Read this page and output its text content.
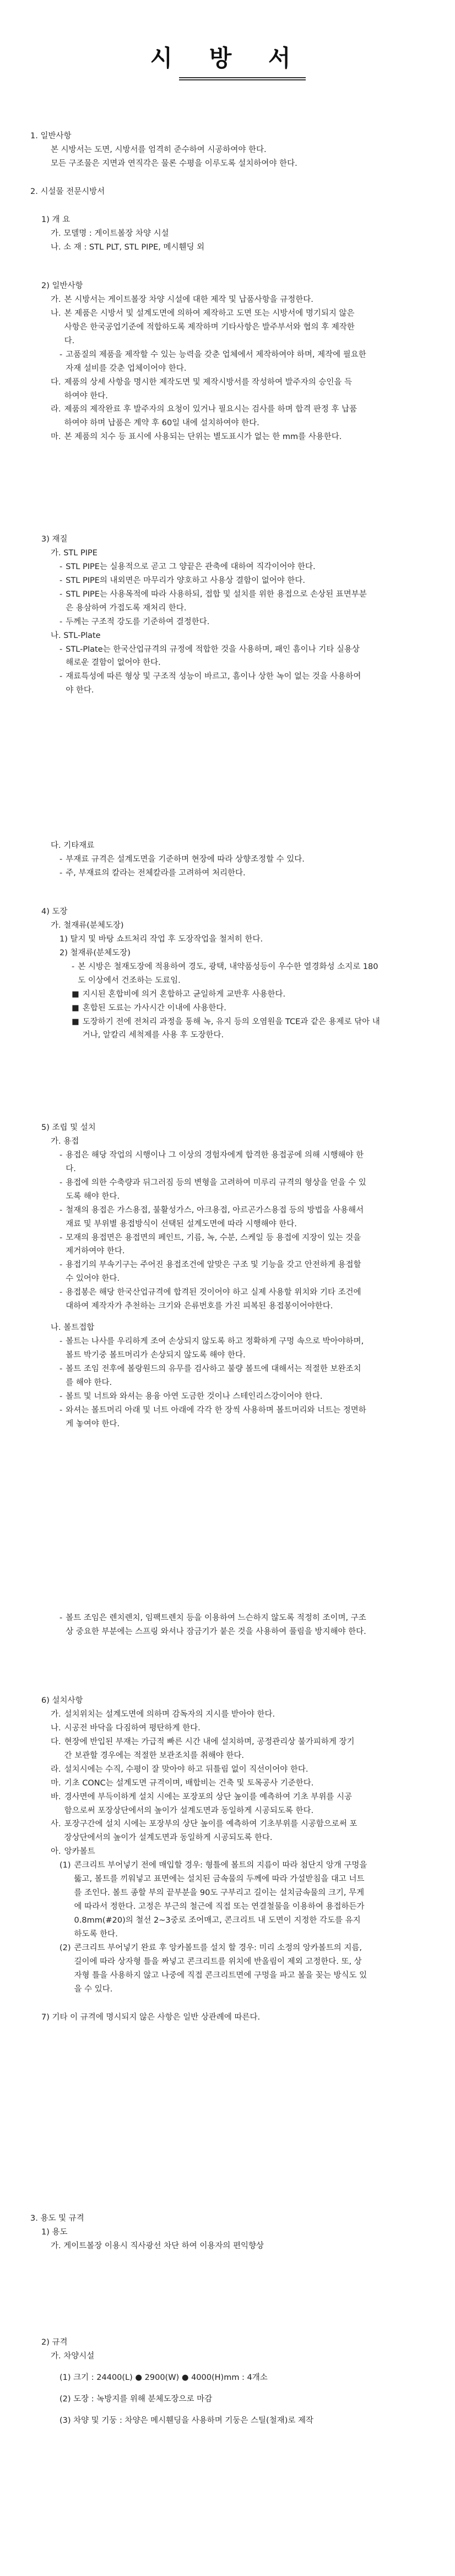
시 방 서

1. 일반사항

본 시방서는 도면, 시방서를 엄격히 준수하여 시공하여야 한다.

모든 구조물은 지면과 연직각은 물론 수평을 이루도록 설치하여야 한다.

2. 시설물 전문시방서

1) 개 요

가. 모델명 : 게이트볼장 차양 시설

나. 소 재 : STL PLT, STL PIPE, 메시휀딩 외

2) 일반사항

가. 본 시방서는 게이트볼장 차양 시설에 대한 제작 및 납품사항을 규정한다.
나. 본 제품은 시방서 및 설계도면에 의하여 제작하고 도면 또는 시방서에 명기되지 않은 사항은 한국공업기준에 적합하도록 제작하며 기타사항은 발주부서와 협의 후 제작한다.
- 고품질의 제품을 제작할 수 있는 능력을 갖춘 업체에서 제작하여야 하며, 제작에 필요한 자재 설비를 갖춘 업체이어야 한다.
다. 제품의 상세 사항을 명시한 제작도면 및 제작시방서를 작성하여 발주자의 승인을 득하여야 한다.
라. 제품의 제작완료 후 발주자의 요청이 있거나 필요시는 검사를 하며 합격 판정 후 납품하여야 하며 납품은 계약 후 60일 내에 설치하여야 한다.
마. 본 제품의 치수 등 표시에 사용되는 단위는 별도표시가 없는 한 mm를 사용한다.

3) 재질

가. STL PIPE

- STL PIPE는 실용적으로 곧고 그 양끝은 관축에 대하여 직각이어야 한다.
- STL PIPE의 내외면은 마무리가 양호하고 사용상 결함이 없어야 한다.
- STL PIPE는 사용목적에 따라 사용하되, 접합 및 설치를 위한 용접으로 손상된 표면부분은 용삼하여 가접도록 재처리 한다.
- 두께는 구조적 강도를 기준하여 결정한다.

나. STL-Plate

- STL-Plate는 한국산업규격의 규정에 적합한 것을 사용하며, 패인 흠이나 기타 실용상 해로운 결함이 없어야 한다.
- 재료특성에 따른 형상 및 구조적 성능이 바르고, 흠이나 상한 녹이 없는 것을 사용하여야 한다.

다. 기타재료

- 부재료 규격은 설계도면을 기준하며 현장에 따라 상향조정할 수 있다.
- 주, 부재료의 칼라는 전체칼라를 고려하여 처리한다.

4) 도장

가. 철재류(분체도장)

1) 탈지 및 바탕 쇼트처리 작업 후 도장작업을 철저히 한다.

2) 철재류(분체도장)

- 본 시방은 철재도장에 적용하여 경도, 광택, 내약품성등이 우수한 열경화성 소지로 180도 이상에서 건조하는 도료임.
■ 지시된 혼합비에 의거 혼합하고 균일하게 교반후 사용한다.
■ 혼합된 도료는 가사시간 이내에 사용한다.
■ 도장하기 전에 전처리 과정을 통해 녹, 유지 등의 오염원을 TCE과 같은 용제로 닦아 내거나, 알칼리 세척제를 사용 후 도장한다.

5) 조립 및 설치

가. 용접

- 용접은 해당 작업의 시행이나 그 이상의 경험자에게 합격한 용접공에 의해 시행해야 한다.
- 용접에 의한 수축량과 뒤그러짐 등의 변형을 고려하여 미루리 규격의 형상을 얻을 수 있도록 해야 한다.
- 철재의 용접은 가스용접, 불활성가스, 아크용접, 아르곤가스용접 등의 방법을 사용해서 재료 및 부위별 용접방식이 선택된 설계도면에 따라 시행해야 한다.
- 모재의 용접면은 용접면의 페인트, 기름, 녹, 수분, 스케일 등 용접에 지장이 있는 것을 제거하여야 한다.
- 용접기의 부속기구는 주어진 용접조건에 알맞은 구조 및 기능을 갖고 안전하게 용접할 수 있어야 한다.
- 용접봉은 해당 한국산업규격에 합격된 것이어야 하고 실제 사용할 위치와 기타 조건에 대하여 제작자가 추천하는 크기와 은류번호를 가진 피복된 용접봉이어야한다.

나. 볼트접합

- 볼트는 나사를 우리하게 조여 손상되지 않도록 하고 정확하게 구멍 속으로 박아야하며, 볼트 박기중 볼트머리가 손상되지 않도록 해야 한다.
- 볼트 조임 전후에 볼랑원드의 유무를 검사하고 불량 볼트에 대해서는 적절한 보완조치를 해야 한다.
- 볼트 및 너트와 와셔는 용융 아연 도금한 것이나 스테인리스강이어야 한다.
- 와셔는 볼트머리 아래 및 너트 아래에 각각 한 장씩 사용하며 볼트머리와 너트는 정면하게 놓여야 한다.
- 볼트 조임은 렌치렌치, 임팩트렌치 등을 이용하여 느슨하지 않도록 적정히 조이며, 구조상 중요한 부분에는 스프링 와셔나 잠금기가 붙은 것을 사용하여 풀림을 방지해야 한다.

6) 설치사항

가. 설치위치는 설계도면에 의하며 감독자의 지시를 받아야 한다.
나. 시공전 바닥을 다짐하여 평탄하게 한다.
다. 현장에 반입된 부재는 가급적 빠른 시간 내에 설치하며, 공정관리상 불가피하게 장기간 보관할 경우에는 적절한 보관조치를 취해야 한다.
라. 설치시에는 수직, 수평이 잘 맞아야 하고 뒤틀림 없이 직선이어야 한다.
마. 기초 CONC는 설계도면 규격이며, 배합비는 건축 및 토목공사 기준한다.
바. 경사면에 부득이하게 설치 시에는 포장포의 상단 높이를 예측하여 기초 부위를 시공함으로써 포장상단에서의 높이가 설계도면과 동일하게 시공되도록 한다.
사. 포장구간에 설치 시에는 포장부의 상단 높이를 예측하여 기초부위를 시공함으로써 포장상단에서의 높이가 설계도면과 동일하게 시공되도록 한다.
아. 앙카볼트
(1) 콘크리트 부어넣기 전에 매입할 경우: 형틀에 볼트의 지름이 따라 첨단지 앙개 구멍을 뚫고, 볼트를 끼워넣고 표면에는 설치된 금속물의 두께에 따라 가설받침을 대고 너트를 조인다. 볼트 종할 부의 끝부분을 90도 구부리고 길이는 설치금속물의 크기, 무게에 따라서 정한다. 고정은 부근의 철근에 직접 또는 연결철물을 이용하여 용접하든가 0.8mm(#20)의 철선 2~3중로 조어매고, 콘크리트 내 도면이 지정한 각도를 유지하도록 한다.
(2) 콘크리트 부어넣기 완료 후 앙카볼트를 설치 할 경우: 미리 소정의 앙카볼트의 지름, 길이에 따라 상자형 틀을 짜넣고 콘크리트를 위치에 반올림이 제외 고정한다. 또, 상자형 틀을 사용하지 않고 나중에 직접 콘크리트면에 구멍을 파고 볼을 꽂는 방식도 있을 수 있다.

7) 기타 이 규격에 명시되지 않은 사항은 일반 상관례에 따른다.

3. 용도 및 규격

1) 용도

가. 게이트볼장 이용시 직사광선 차단 하여 이용자의 편익향상

2) 규격

가. 차양시설

(1) 크기 : 24400(L) ● 2900(W) ● 4000(H)mm : 4개소

(2) 도장 : 녹방지를 위해 분체도장으로 마감

(3) 차양 및 기둥 : 차양은 메시휀딩을 사용하며 기둥은 스틸(철재)로 제작
